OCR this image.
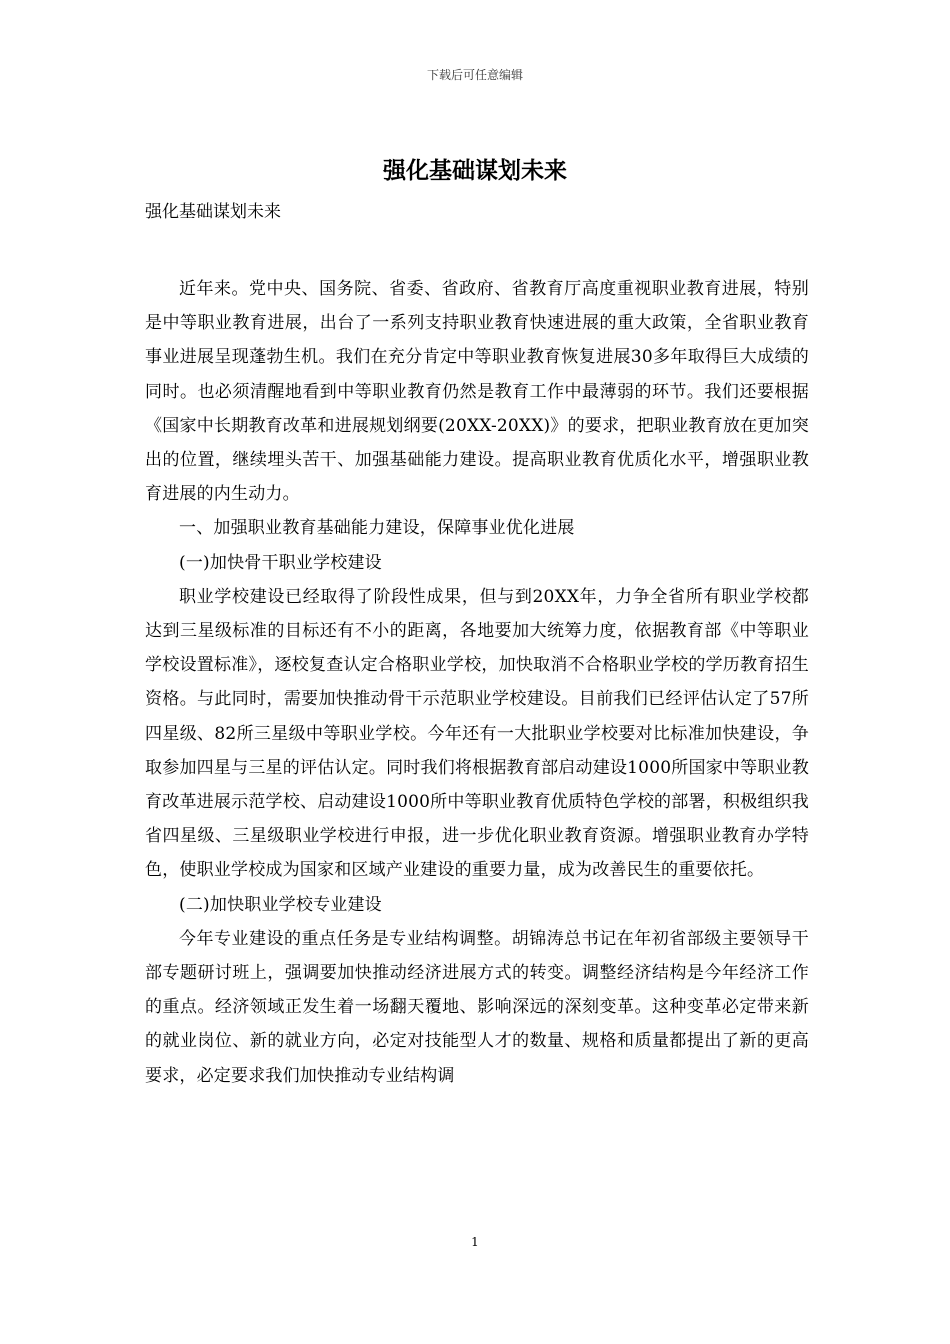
下载后可任意编辑
强化基础谋划未来
强化基础谋划未来

近年来。党中央、国务院、省委、省政府、省教育厅高度重视职业教育进展，特别是中等职业教育进展，出台了一系列支持职业教育快速进展的重大政策，全省职业教育事业进展呈现蓬勃生机。我们在充分肯定中等职业教育恢复进展30多年取得巨大成绩的同时。也必须清醒地看到中等职业教育仍然是教育工作中最薄弱的环节。我们还要根据《国家中长期教育改革和进展规划纲要(20XX-20XX)》的要求，把职业教育放在更加突出的位置，继续埋头苦干、加强基础能力建设。提高职业教育优质化水平，增强职业教育进展的内生动力。

一、加强职业教育基础能力建设，保障事业优化进展

(一)加快骨干职业学校建设

职业学校建设已经取得了阶段性成果，但与到20XX年，力争全省所有职业学校都达到三星级标准的目标还有不小的距离，各地要加大统筹力度，依据教育部《中等职业学校设置标准》，逐校复查认定合格职业学校，加快取消不合格职业学校的学历教育招生资格。与此同时，需要加快推动骨干示范职业学校建设。目前我们已经评估认定了57所四星级、82所三星级中等职业学校。今年还有一大批职业学校要对比标准加快建设，争取参加四星与三星的评估认定。同时我们将根据教育部启动建设1000所国家中等职业教育改革进展示范学校、启动建设1000所中等职业教育优质特色学校的部署，积极组织我省四星级、三星级职业学校进行申报，进一步优化职业教育资源。增强职业教育办学特色，使职业学校成为国家和区域产业建设的重要力量，成为改善民生的重要依托。

(二)加快职业学校专业建设

今年专业建设的重点任务是专业结构调整。胡锦涛总书记在年初省部级主要领导干部专题研讨班上，强调要加快推动经济进展方式的转变。调整经济结构是今年经济工作的重点。经济领域正发生着一场翻天覆地、影响深远的深刻变革。这种变革必定带来新的就业岗位、新的就业方向，必定对技能型人才的数量、规格和质量都提出了新的更高要求，必定要求我们加快推动专业结构调

1
